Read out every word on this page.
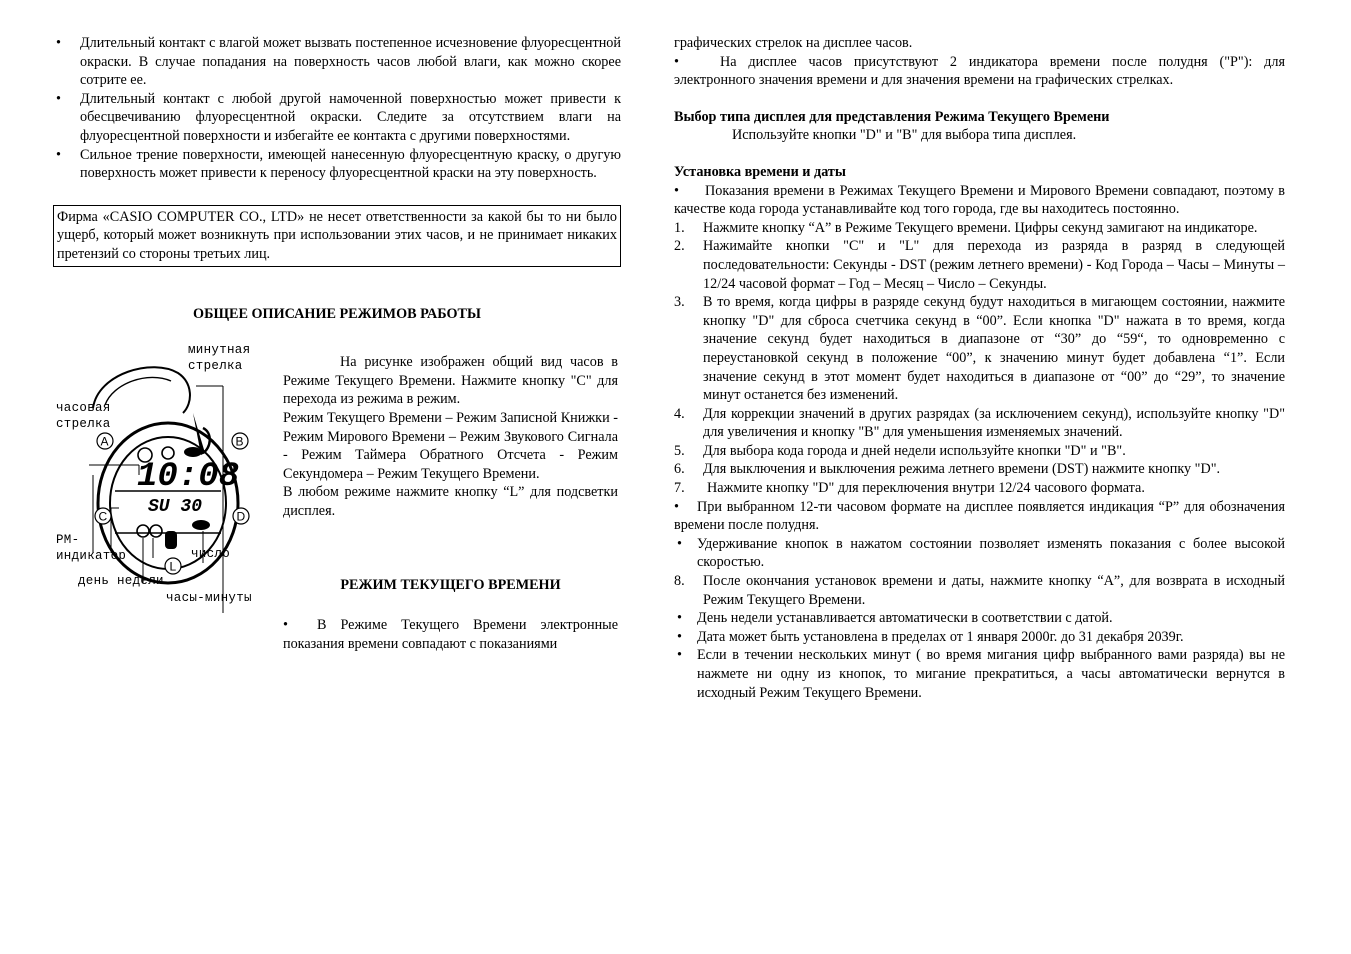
• Длительный контакт с влагой может вызвать постепенное исчезновение флуоресцентной окраски. В случае попадания на поверхность часов любой влаги, как можно скорее сотрите ее.
• Длительный контакт с любой другой намоченной поверхностью может привести к обесцвечиванию флуоресцентной окраски. Следите за отсутствием влаги на флуоресцентной поверхности и избегайте ее контакта с другими поверхностями.
• Сильное трение поверхности, имеющей нанесенную флуоресцентную краску, о другую поверхность может привести к переносу флуоресцентной краски на эту поверхность.
Фирма «CASIO COMPUTER CO., LTD» не несет ответственности за какой бы то ни было ущерб, который может возникнуть при использовании этих часов, и не принимает никаких претензий со стороны третьих лиц.
ОБЩЕЕ ОПИСАНИЕ РЕЖИМОВ РАБОТЫ
10:08
SU 30
A	B
C	D
L
минутная
стрелка
часовая
стрелка
PM-
индикатор	число
день недели
часы-минуты
На рисунке изображен общий вид часов в Режиме Текущего Времени. Нажмите кнопку "C" для перехода из режима в режим.
Режим Текущего Времени – Режим Записной Книжки - Режим Мирового Времени – Режим Звукового Сигнала - Режим Таймера Обратного Отсчета - Режим Секундомера – Режим Текущего Времени.
В любом режиме нажмите кнопку “L” для подсветки дисплея.
РЕЖИМ ТЕКУЩЕГО ВРЕМЕНИ
• В Режиме Текущего Времени электронные показания времени совпадают с показаниями
графических стрелок на дисплее часов.
•	На дисплее часов присутствуют 2 индикатора времени после полудня ("P"): для электронного значения времени и для значения времени на графических стрелках.
Выбор типа дисплея для представления Режима Текущего Времени
Используйте кнопки "D" и "B" для выбора типа дисплея.
Установка времени и даты
• Показания времени в Режимах Текущего Времени и Мирового Времени совпадают, поэтому в качестве кода города устанавливайте код того города, где вы находитесь постоянно.
1. Нажмите кнопку “A” в Режиме Текущего времени. Цифры секунд замигают на индикаторе.
2. Нажимайте кнопки "C" и "L" для перехода из разряда в разряд в следующей последовательности: Секунды - DST (режим летнего времени) - Код Города – Часы – Минуты – 12/24 часовой формат – Год – Месяц – Число – Секунды.
3. В то время, когда цифры в разряде секунд будут находиться в мигающем состоянии, нажмите кнопку "D" для сброса счетчика секунд в “00”. Если кнопка "D" нажата в то время, когда значение секунд будет находиться в диапазоне от “30” до “59“, то одновременно с переустановкой секунд в положение “00”, к значению минут будет добавлена “1”. Если значение секунд в этот момент будет находиться в диапазоне от “00” до “29”, то значение минут останется без изменений.
4. Для коррекции значений в других разрядах (за исключением секунд), используйте кнопку "D" для увеличения и кнопку "B" для уменьшения изменяемых значений.
5. Для выбора кода города и дней недели используйте кнопки "D" и "B".
6. Для выключения и выключения режима летнего времени (DST) нажмите кнопку "D".
7. Нажмите кнопку "D" для переключения внутри 12/24 часового формата.
• При выбранном 12-ти часовом формате на дисплее появляется индикация “P” для обозначения времени после полудня.
• Удерживание кнопок в нажатом состоянии позволяет изменять показания с более высокой скоростью.
8. После окончания установок времени и даты, нажмите кнопку “A”, для возврата в исходный Режим Текущего Времени.
• День недели устанавливается автоматически в соответствии с датой.
• Дата может быть установлена в пределах от 1 января 2000г. до 31 декабря 2039г.
• Если в течении нескольких минут ( во время мигания цифр выбранного вами разряда) вы не нажмете ни одну из кнопок, то мигание прекратиться, а часы автоматически вернутся в исходный Режим Текущего Времени.
